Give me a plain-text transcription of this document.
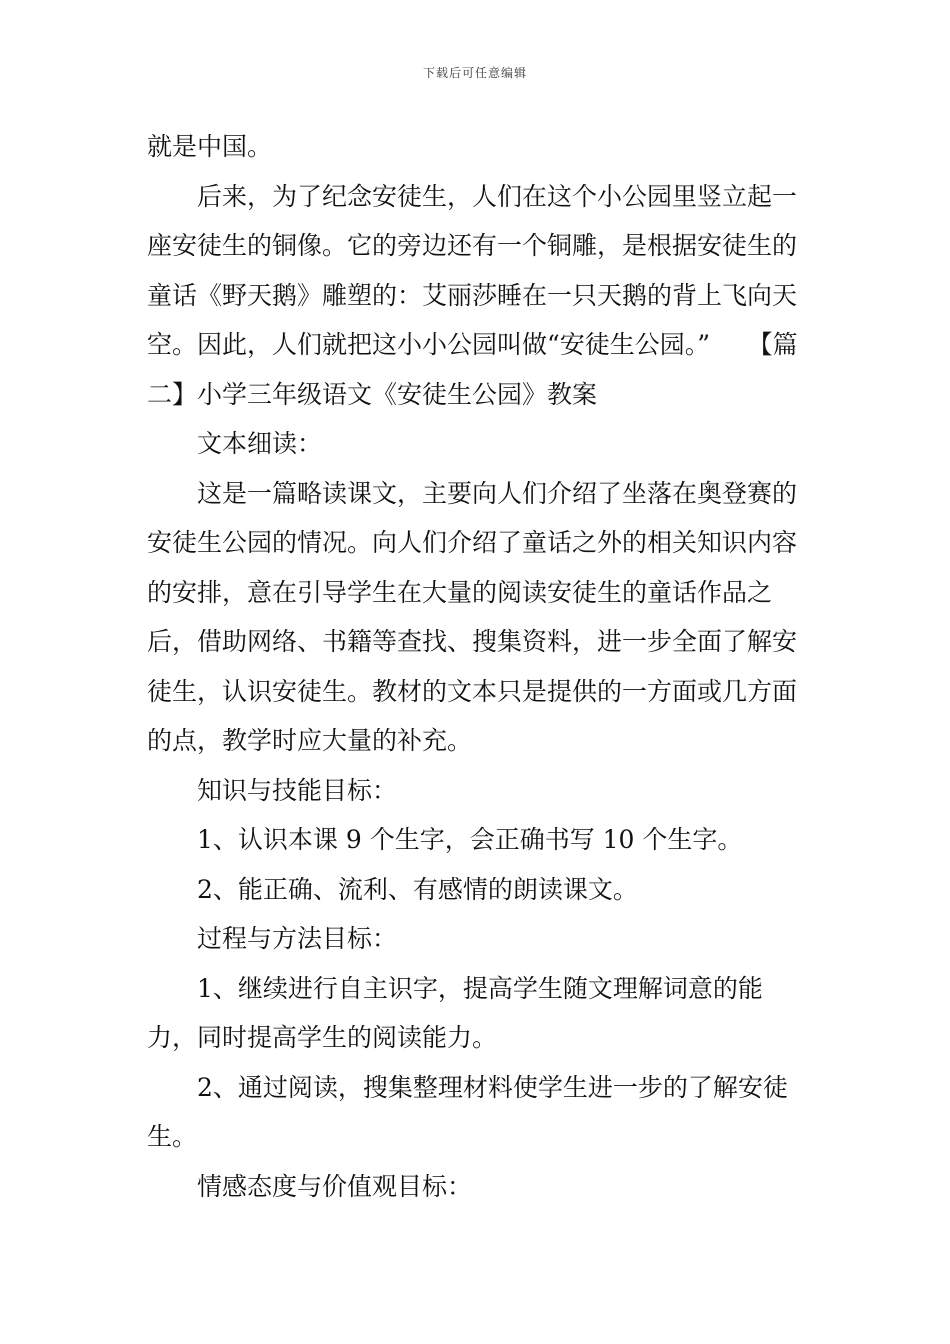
下载后可任意编辑

就是中国。

后来，为了纪念安徒生，人们在这个小公园里竖立起一座安徒生的铜像。它的旁边还有一个铜雕，是根据安徒生的童话《野天鹅》雕塑的：艾丽莎睡在一只天鹅的背上飞向天空。因此，人们就把这小小公园叫做“安徒生公园。”　　【篇二】小学三年级语文《安徒生公园》教案

文本细读：

这是一篇略读课文，主要向人们介绍了坐落在奥登赛的安徒生公园的情况。向人们介绍了童话之外的相关知识内容的安排，意在引导学生在大量的阅读安徒生的童话作品之后，借助网络、书籍等查找、搜集资料，进一步全面了解安徒生，认识安徒生。教材的文本只是提供的一方面或几方面的点，教学时应大量的补充。

知识与技能目标：

1、认识本课 9 个生字，会正确书写 10 个生字。

2、能正确、流利、有感情的朗读课文。

过程与方法目标：

1、继续进行自主识字，提高学生随文理解词意的能力，同时提高学生的阅读能力。

2、通过阅读，搜集整理材料使学生进一步的了解安徒生。

情感态度与价值观目标：
